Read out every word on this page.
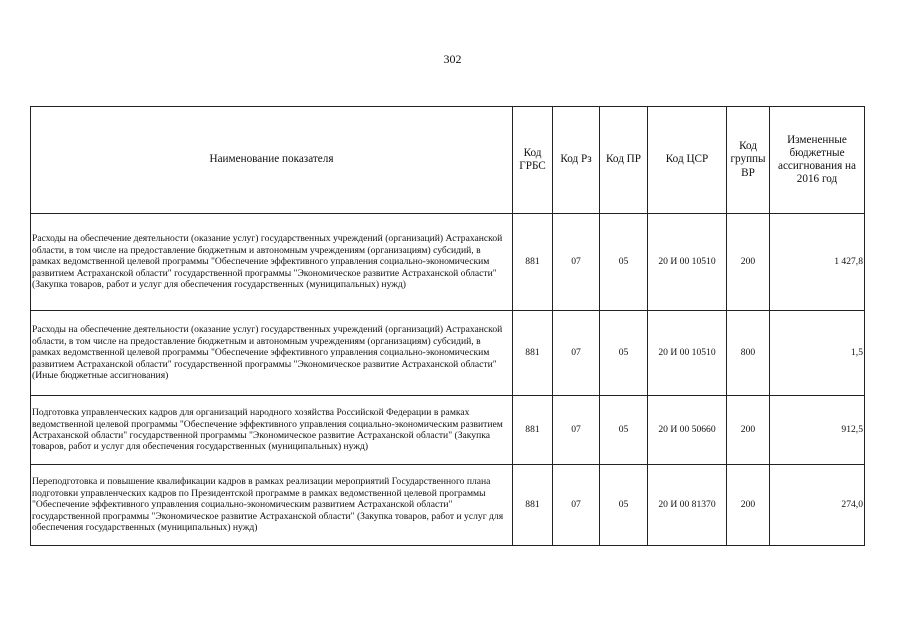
302
Наименование показателя	Код ГРБС	Код Рз	Код ПР	Код ЦСР	Код группы ВР	Измененные бюджетные ассигнования на 2016 год
Расходы на обеспечение деятельности (оказание услуг) государственных учреждений (организаций) Астраханской области, в том числе на предоставление бюджетным и автономным учреждениям (организациям) субсидий, в рамках ведомственной целевой программы "Обеспечение эффективного управления социально-экономическим развитием Астраханской области" государственной программы "Экономическое развитие Астраханской области" (Закупка товаров, работ и услуг для обеспечения государственных (муниципальных) нужд)	881	07	05	20 И 00 10510	200	1 427,8
Расходы на обеспечение деятельности (оказание услуг) государственных учреждений (организаций) Астраханской области, в том числе на предоставление бюджетным и автономным учреждениям (организациям) субсидий, в рамках ведомственной целевой программы "Обеспечение эффективного управления социально-экономическим развитием Астраханской области" государственной программы "Экономическое развитие Астраханской области" (Иные бюджетные ассигнования)	881	07	05	20 И 00 10510	800	1,5
Подготовка управленческих кадров для организаций народного хозяйства Российской Федерации в рамках ведомственной целевой программы "Обеспечение эффективного управления социально-экономическим развитием Астраханской области" государственной программы "Экономическое развитие Астраханской области" (Закупка товаров, работ и услуг для обеспечения государственных (муниципальных) нужд)	881	07	05	20 И 00 50660	200	912,5
Переподготовка и повышение квалификации кадров в рамках реализации мероприятий Государственного плана подготовки управленческих кадров по Президентской программе в рамках ведомственной целевой программы "Обеспечение эффективного управления социально-экономическим развитием Астраханской области" государственной программы "Экономическое развитие Астраханской области" (Закупка товаров, работ и услуг для обеспечения государственных (муниципальных) нужд)	881	07	05	20 И 00 81370	200	274,0
